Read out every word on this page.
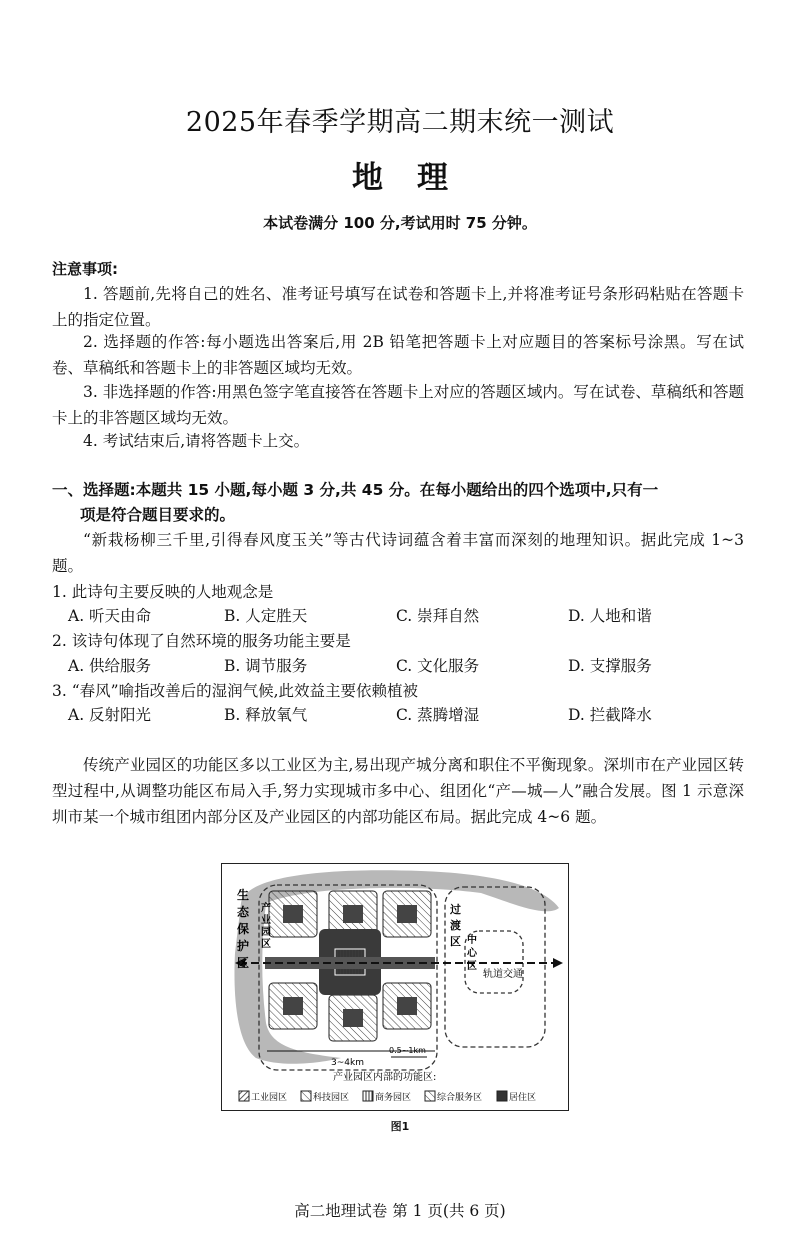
2025年春季学期高二期末统一测试
地理
本试卷满分 100 分,考试用时 75 分钟。
注意事项:
1. 答题前,先将自己的姓名、准考证号填写在试卷和答题卡上,并将准考证号条形码粘贴在答题卡上的指定位置。
2. 选择题的作答:每小题选出答案后,用 2B 铅笔把答题卡上对应题目的答案标号涂黑。写在试卷、草稿纸和答题卡上的非答题区域均无效。
3. 非选择题的作答:用黑色签字笔直接答在答题卡上对应的答题区域内。写在试卷、草稿纸和答题卡上的非答题区域均无效。
4. 考试结束后,请将答题卡上交。
一、选择题:本题共 15 小题,每小题 3 分,共 45 分。在每小题给出的四个选项中,只有一
项是符合题目要求的。
“新栽杨柳三千里,引得春风度玉关”等古代诗词蕴含着丰富而深刻的地理知识。据此完成 1~3 题。
1. 此诗句主要反映的人地观念是
A. 听天由命	B. 人定胜天	C. 崇拜自然	D. 人地和谐
2. 该诗句体现了自然环境的服务功能主要是
A. 供给服务	B. 调节服务	C. 文化服务	D. 支撑服务
3. “春风”喻指改善后的湿润气候,此效益主要依赖植被
A. 反射阳光	B. 释放氧气	C. 蒸腾增湿	D. 拦截降水
传统产业园区的功能区多以工业区为主,易出现产城分离和职住不平衡现象。深圳市在产业园区转型过程中,从调整功能区布局入手,努力实现城市多中心、组团化“产—城—人”融合发展。图 1 示意深圳市某一个城市组团内部分区及产业园区的内部功能区布局。据此完成 4~6 题。
生
态
保
护
区
产
业
园
区
过
渡
区 中
心
区
轨道交通
3~4km
0.5~1km
产业园区内部的功能区:
工业园区	科技园区	商务园区	综合服务区	居住区
图1
高二地理试卷 第 1 页(共 6 页)
